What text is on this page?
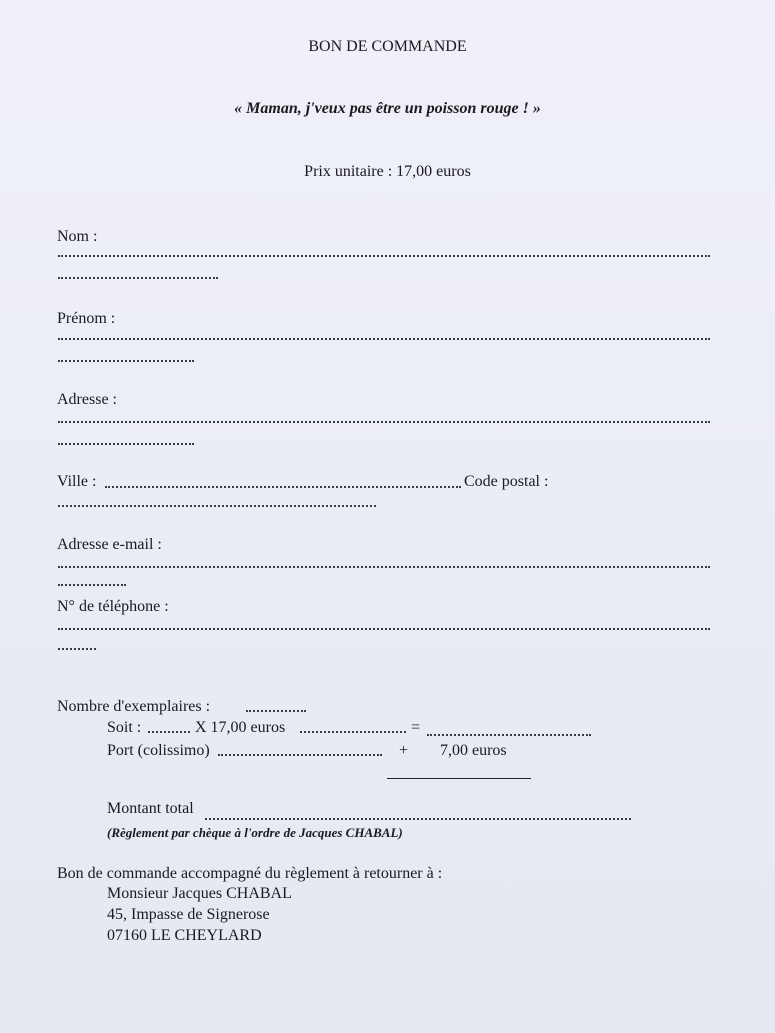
BON DE COMMANDE
« Maman, j'veux pas être un poisson rouge ! »
Prix unitaire : 17,00 euros
Nom :
Prénom :
Adresse :
Ville :	Code postal :
Adresse e-mail :
N° de téléphone :
Nombre d'exemplaires :
Soit :	X 17,00 euros	=
Port (colissimo)	+ 7,00 euros
Montant total
(Règlement par chèque à l'ordre de Jacques CHABAL)
Bon de commande accompagné du règlement à retourner à :
Monsieur Jacques CHABAL
45, Impasse de Signerose
07160 LE CHEYLARD
